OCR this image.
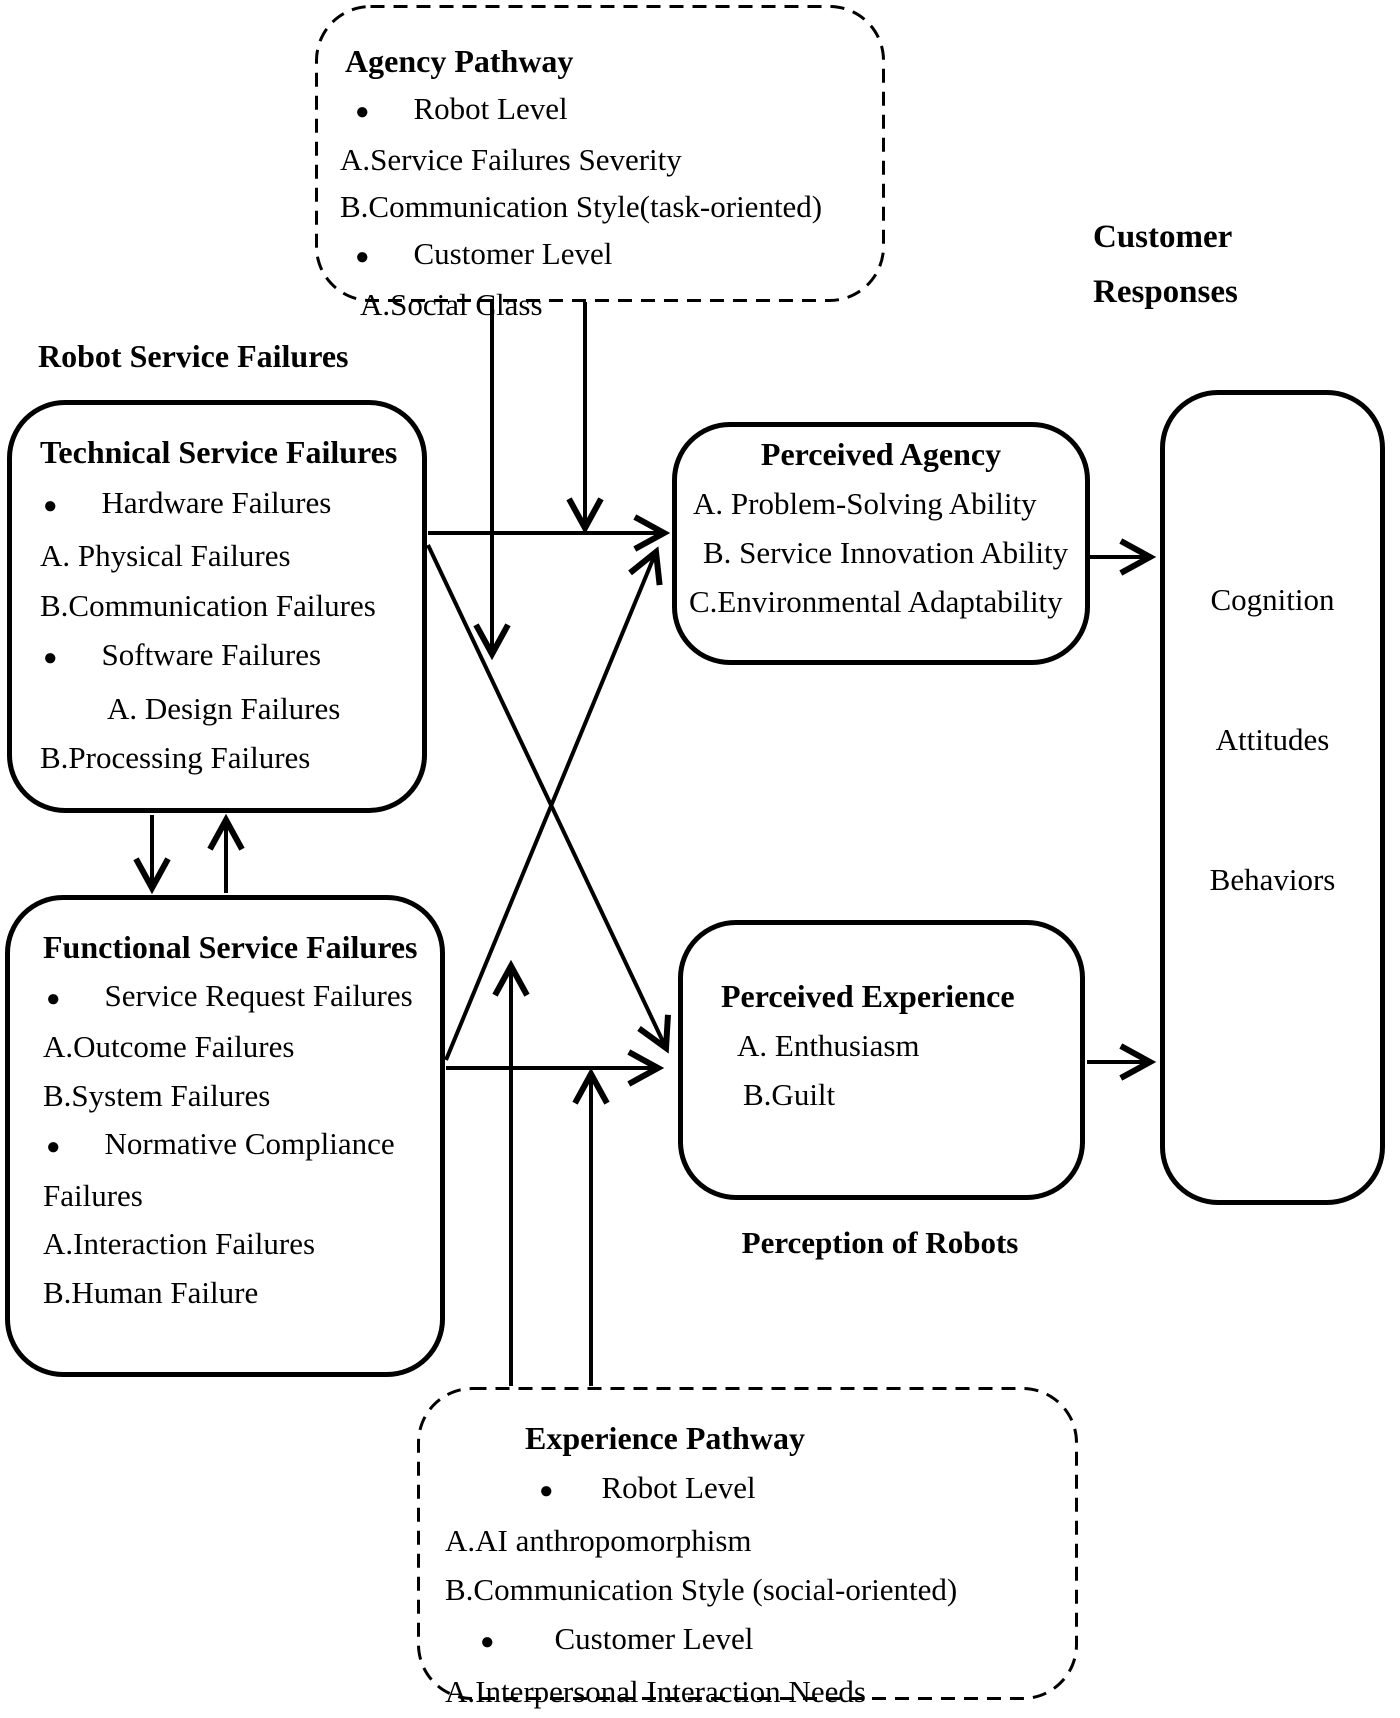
Robot Service Failures
Customer
Responses
Perception of Robots
Agency Pathway
● Robot Level
A.Service Failures Severity
B.Communication Style(task-oriented)
● Customer Level
A.Social Class
Technical Service Failures
● Hardware Failures
A. Physical Failures
B.Communication Failures
● Software Failures
A. Design Failures
B.Processing Failures
Functional Service Failures
● Service Request Failures
A.Outcome Failures
B.System Failures
● Normative Compliance
Failures
A.Interaction Failures
B.Human Failure
Perceived Agency
A. Problem-Solving Ability
B. Service Innovation Ability
C.Environmental Adaptability
Perceived Experience
A. Enthusiasm
B.Guilt
Cognition
Attitudes
Behaviors
Experience Pathway
● Robot Level
A.AI anthropomorphism
B.Communication Style (social-oriented)
● Customer Level
A.Interpersonal Interaction Needs
